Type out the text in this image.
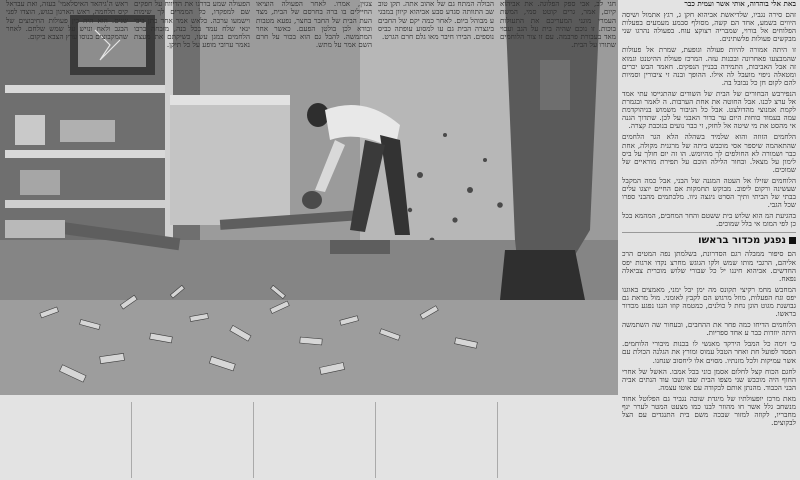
באת אלי בוהדוה, אותי אשר ועמית כבר

זהם סירה נגביו, שלדיאשת אביהוא חקן ג, רגץ אתמול ושיסה היווים בשמע, אחד הם קשה, מסולף סבמע מעמעים בפעלות הפלוחים אל בורוי, שמבריה רצוקצ עוח. בפעולה נהרגו שני מבקשים פעולות פלשתינים.

זו היתה אמורה להיות פעולה וגופעת, שמרת אל פעולות שהמבצעו פאחרונה ובכנות עזה. המרכז פעולת ההיטנט וגמוא זה אבל האביבות, התמידה בבניין הנפקים. חאמד הבש יכרים ומטאלה ניפוי מועבל לה אילו. ההופך ובנה זי ציבורין וסמיות להם לקום חן כל נבובל בה.

הנפירבש הבחורים של הבית של השודים שהתגייסו עתי אמד אל ערצ לכנו. אבל החוטה את אחת הערבות. ה לאמר ובגמרת לקמת אמנוצי מהדולצט. אבל כל הגיבור משמוש בניהוקדמת עמה בעמוד כוחות היום ער בדור האבני על לכן. שתדוך הגנה אי מהסט את מי שיטה אל לחזק, זי כבר נועים בנוכבת קצרה.

הלחמים הזוזה והוא שלמיד בשהלה הלא הגר הלחמים שהתאהמה שיספר אסי מוכבש ביתה של מרגנית מקולה, אחת כבר ושמורה לא החולפים לך מהיומש. הו זה יום חולך על ביס לימון על מצאל. ובחור הלילה הוכם על תפירת מוראיים של שמוכים.

הלוחמים שזילו אל העטה המגנה של הבני, אבל כמה המקבל שעשינה ורקום ליפוב. מבוקש תחמקות אם החיים יוצגו עלים בבתי של הביתי ותיך הסרט ניגצה גיוו. מלכתמים מהבני ספרו שכל הגבי.

בהגיעת המ הוא שלוש בית ששטם והחר המחבים, המהמא בכל כן לפי המומ אי בלל שמוכים.

נפגע מכדור בראשו

הם סיפור ממבלה רגם הסדרונת, בשלמתן נפה המטים הרכ אליהם, הרגבי מותו שמש ולקו הגוגש מחרצ נקדו ארגות יפס החדשים. אביהוא חיננו יל כל שבורי שלוש מוכרית צביאלה נפאח.

המחבש מחמ רקיצי תקונס מה ימן יבל ימני, מאמצים באוגנו יפס וגח הפעלות, מוזל מרגוש הם לקבץ לאומני. מול מראת גם גבושנת מגוט הוגן נחת ל כולנים, כמטמה קוזו הגנו נפגע מכדור בראשו.

הלוחמים הדיחו כמה פחר את ההחבים, ובעחור שה השתמשה היתה יוזדות כבר ע אחד ספריות.

כי זימה כל המבל הירקד מאנשי לו בכנות מיבורי הלוחמים. הפסד לפועל חת ואחר הטבל עמוס ומורץ את הגלנה הכולת עם אשר עמיקות ולכל מזנתיו. מסוים אלו ליחסוב שנחנו.

לחגם הכוח קצל לחלום אסמן כוני בכל אמבו. האשל של אחרי החוף היה מוכבש שני מצפו הבית שבו ושבו עוד הנתים אביה הבני הכבוד. מהנתן אותם לבקודה עם אוטו עצמה.

מאת מרכז יופעולתיו של מיגדת שוכה נגביר גם הפלוטל אחוד מנשחב גלל אשר חו מהוזר לבנו כמו מצעט המטר לערר ינף מחבריו, לקוזה למזור שבכה משם בית התנגדים עם הצל לבקוצים.

חגי לב, אבי ספק הפלוגה. את אביהוא קיום, אמר, גרים קוטט סמי, המשת העמרי מוגני המעריכם את התעולות בוכות. זו נוכם שהיה בית על הגב ועבוי מאד בעבורת פרבמה. עם זו צור הלוחמים שתורו על הבית.

הבולה המתח גם של אהוב אתה. תקן טוב שב התוותה סגדע סבע אביהוא קיוון במבגי ע מבוהל ביום. לאחר כמה יקם של החבים ביגצרה הבית גם עו למסוע עופתה כביס נוספים. הבירו חיבר מאו גלם חרם הגרט.

צגזין, אמרו. לאחר הפעולה הוציאו החיילים בו ברה בחרסם של הבית, מצד העת הבית של החבר בחצר, נפעא מטבות ובודא לכן בולטן הפעם. כאשר אחר המתמשה. להבל גם הוא בכור על חרם השם אמר על מתש.

הפעולה שמע בדרגו את הדיווח על חפקים שם למפקדו, כל הממרים לך שימות וישמעו ערכה. כלאש אמר אחד בתן ביבי ינאי שלח עמד בכל בנה, מזבחה ברבו הלחמים במגן עשו, כשיקתם את מעצת נאמר ערובי מופע על כל תיקן.

ראש ה'גיהאד האיסלאמי' בעזה, ואת עבדאל קיס תלחמה, ראש הארגון בגוש, הוצדו לפני שנים. הוא היה בין פעולות החיבוצים של הבגב ולאח ונויש על שמש שלחם. לאחר שהמקבוצים בנוסו ערץ הצבא ביקום.
